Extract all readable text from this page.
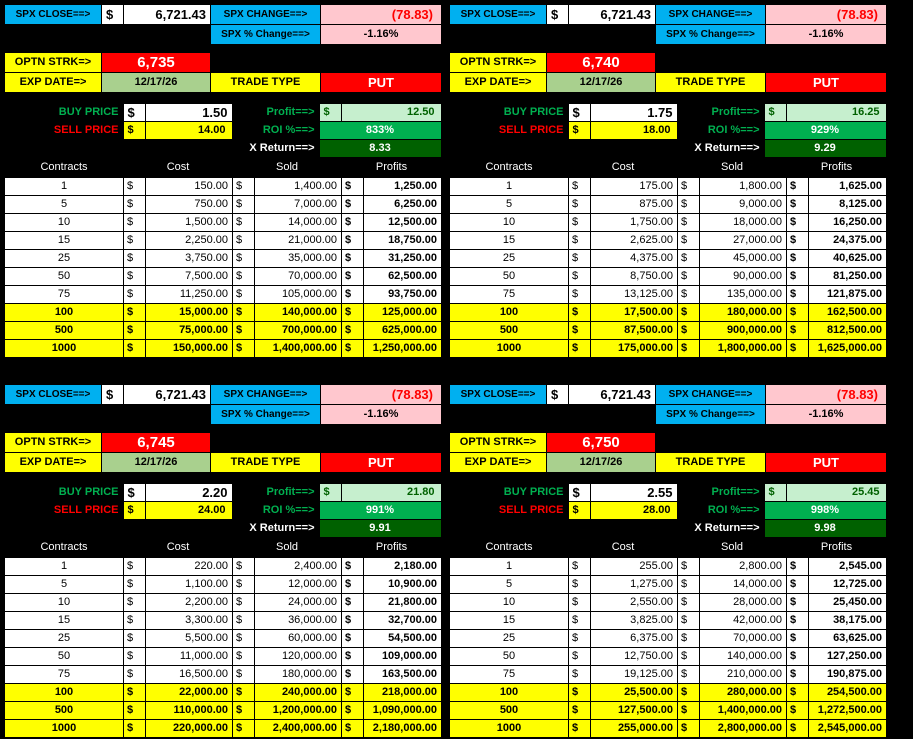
SPX CLOSE==>	$	6,721.43	SPX CHANGE==>	(78.83)
			SPX % Change==>	-1.16%

OPTN STRK=>	6,735			
EXP DATE=>	12/17/26		TRADE TYPE	PUT
BUY PRICE	$	1.50	Profit==>	$	12.50
SELL PRICE	$	14.00	ROI %==>	833%	
			X Return==>	8.33	
Contracts	Cost		Sold		Profits	
1	$	150.00	$	1,400.00	$	1,250.00
5	$	750.00	$	7,000.00	$	6,250.00
10	$	1,500.00	$	14,000.00	$	12,500.00
15	$	2,250.00	$	21,000.00	$	18,750.00
25	$	3,750.00	$	35,000.00	$	31,250.00
50	$	7,500.00	$	70,000.00	$	62,500.00
75	$	11,250.00	$	105,000.00	$	93,750.00
100	$	15,000.00	$	140,000.00	$	125,000.00
500	$	75,000.00	$	700,000.00	$	625,000.00
1000	$	150,000.00	$	1,400,000.00	$	1,250,000.00
SPX CLOSE==>	$	6,721.43	SPX CHANGE==>	(78.83)
			SPX % Change==>	-1.16%

OPTN STRK=>	6,740			
EXP DATE=>	12/17/26		TRADE TYPE	PUT
BUY PRICE	$	1.75	Profit==>	$	16.25
SELL PRICE	$	18.00	ROI %==>	929%	
			X Return==>	9.29	
Contracts	Cost		Sold		Profits	
1	$	175.00	$	1,800.00	$	1,625.00
5	$	875.00	$	9,000.00	$	8,125.00
10	$	1,750.00	$	18,000.00	$	16,250.00
15	$	2,625.00	$	27,000.00	$	24,375.00
25	$	4,375.00	$	45,000.00	$	40,625.00
50	$	8,750.00	$	90,000.00	$	81,250.00
75	$	13,125.00	$	135,000.00	$	121,875.00
100	$	17,500.00	$	180,000.00	$	162,500.00
500	$	87,500.00	$	900,000.00	$	812,500.00
1000	$	175,000.00	$	1,800,000.00	$	1,625,000.00
SPX CLOSE==>	$	6,721.43	SPX CHANGE==>	(78.83)
			SPX % Change==>	-1.16%

OPTN STRK=>	6,745			
EXP DATE=>	12/17/26		TRADE TYPE	PUT
BUY PRICE	$	2.20	Profit==>	$	21.80
SELL PRICE	$	24.00	ROI %==>	991%	
			X Return==>	9.91	
Contracts	Cost		Sold		Profits	
1	$	220.00	$	2,400.00	$	2,180.00
5	$	1,100.00	$	12,000.00	$	10,900.00
10	$	2,200.00	$	24,000.00	$	21,800.00
15	$	3,300.00	$	36,000.00	$	32,700.00
25	$	5,500.00	$	60,000.00	$	54,500.00
50	$	11,000.00	$	120,000.00	$	109,000.00
75	$	16,500.00	$	180,000.00	$	163,500.00
100	$	22,000.00	$	240,000.00	$	218,000.00
500	$	110,000.00	$	1,200,000.00	$	1,090,000.00
1000	$	220,000.00	$	2,400,000.00	$	2,180,000.00
SPX CLOSE==>	$	6,721.43	SPX CHANGE==>	(78.83)
			SPX % Change==>	-1.16%

OPTN STRK=>	6,750			
EXP DATE=>	12/17/26		TRADE TYPE	PUT
BUY PRICE	$	2.55	Profit==>	$	25.45
SELL PRICE	$	28.00	ROI %==>	998%	
			X Return==>	9.98	
Contracts	Cost		Sold		Profits	
1	$	255.00	$	2,800.00	$	2,545.00
5	$	1,275.00	$	14,000.00	$	12,725.00
10	$	2,550.00	$	28,000.00	$	25,450.00
15	$	3,825.00	$	42,000.00	$	38,175.00
25	$	6,375.00	$	70,000.00	$	63,625.00
50	$	12,750.00	$	140,000.00	$	127,250.00
75	$	19,125.00	$	210,000.00	$	190,875.00
100	$	25,500.00	$	280,000.00	$	254,500.00
500	$	127,500.00	$	1,400,000.00	$	1,272,500.00
1000	$	255,000.00	$	2,800,000.00	$	2,545,000.00
